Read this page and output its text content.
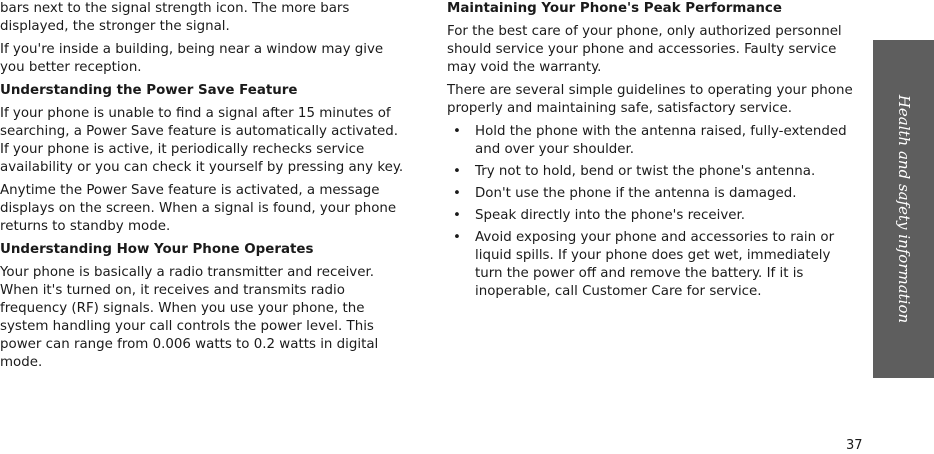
bars next to the signal strength icon. The more bars displayed, the stronger the signal.

If you're inside a building, being near a window may give you better reception.

Understanding the Power Save Feature

If your phone is unable to find a signal after 15 minutes of searching, a Power Save feature is automatically activated. If your phone is active, it periodically rechecks service availability or you can check it yourself by pressing any key.

Anytime the Power Save feature is activated, a message displays on the screen. When a signal is found, your phone returns to standby mode.

Understanding How Your Phone Operates

Your phone is basically a radio transmitter and receiver. When it's turned on, it receives and transmits radio frequency (RF) signals. When you use your phone, the system handling your call controls the power level. This power can range from 0.006 watts to 0.2 watts in digital mode.

Maintaining Your Phone's Peak Performance

For the best care of your phone, only authorized personnel should service your phone and accessories. Faulty service may void the warranty.

There are several simple guidelines to operating your phone properly and maintaining safe, satisfactory service.

• Hold the phone with the antenna raised, fully-extended and over your shoulder.
• Try not to hold, bend or twist the phone's antenna.
• Don't use the phone if the antenna is damaged.
• Speak directly into the phone's receiver.
• Avoid exposing your phone and accessories to rain or liquid spills. If your phone does get wet, immediately turn the power off and remove the battery. If it is inoperable, call Customer Care for service.	Health and safety information
37
